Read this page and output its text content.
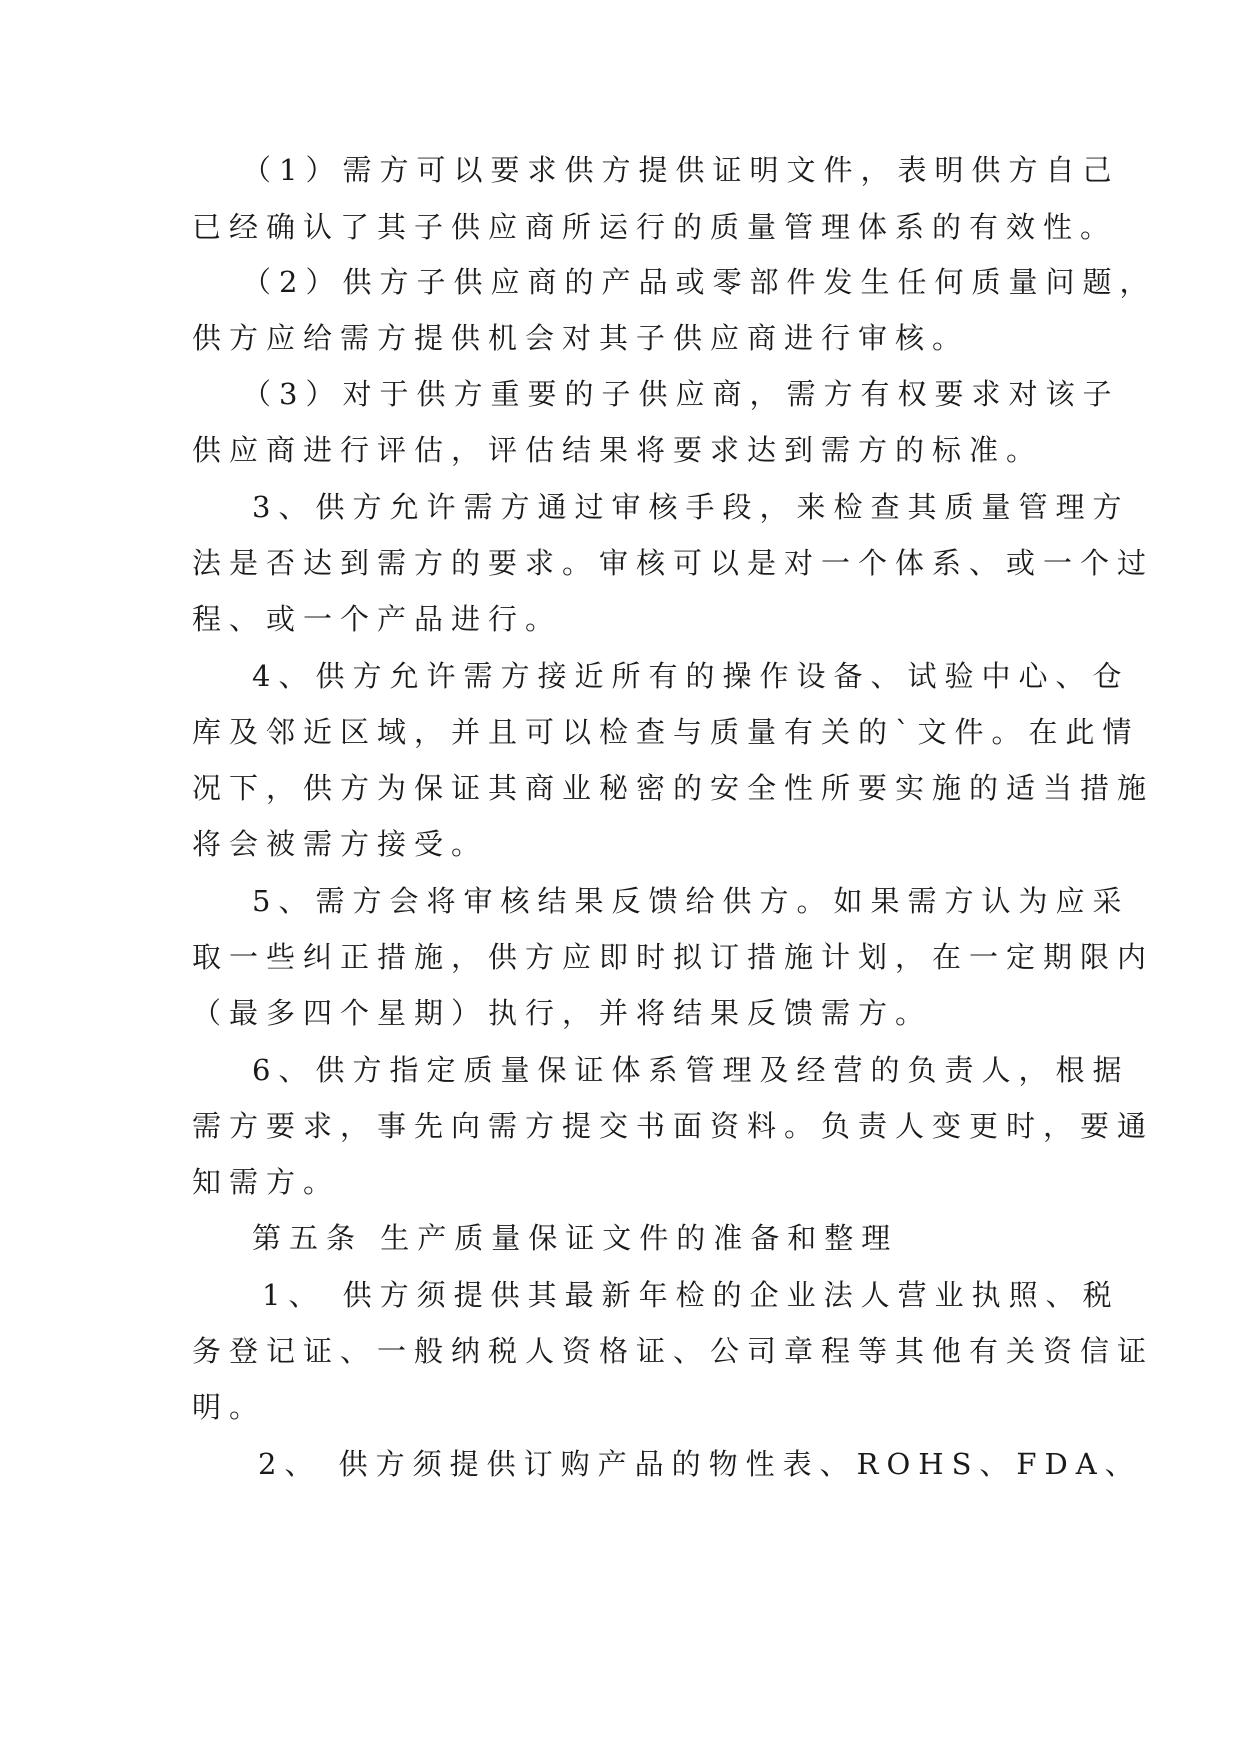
（1）需方可以要求供方提供证明文件，表明供方自己
已经确认了其子供应商所运行的质量管理体系的有效性。
（2）供方子供应商的产品或零部件发生任何质量问题，
供方应给需方提供机会对其子供应商进行审核。
（3）对于供方重要的子供应商，需方有权要求对该子
供应商进行评估，评估结果将要求达到需方的标准。
3、供方允许需方通过审核手段，来检查其质量管理方
法是否达到需方的要求。审核可以是对一个体系、或一个过
程、或一个产品进行。
4、供方允许需方接近所有的操作设备、试验中心、仓
库及邻近区域，并且可以检查与质量有关的`文件。在此情
况下，供方为保证其商业秘密的安全性所要实施的适当措施
将会被需方接受。
5、需方会将审核结果反馈给供方。如果需方认为应采
取一些纠正措施，供方应即时拟订措施计划，在一定期限内
（最多四个星期）执行，并将结果反馈需方。
6、供方指定质量保证体系管理及经营的负责人，根据
需方要求，事先向需方提交书面资料。负责人变更时，要通
知需方。
第五条 生产质量保证文件的准备和整理
1、 供方须提供其最新年检的企业法人营业执照、税
务登记证、一般纳税人资格证、公司章程等其他有关资信证
明。
2、 供方须提供订购产品的物性表、ROHS、FDA、
